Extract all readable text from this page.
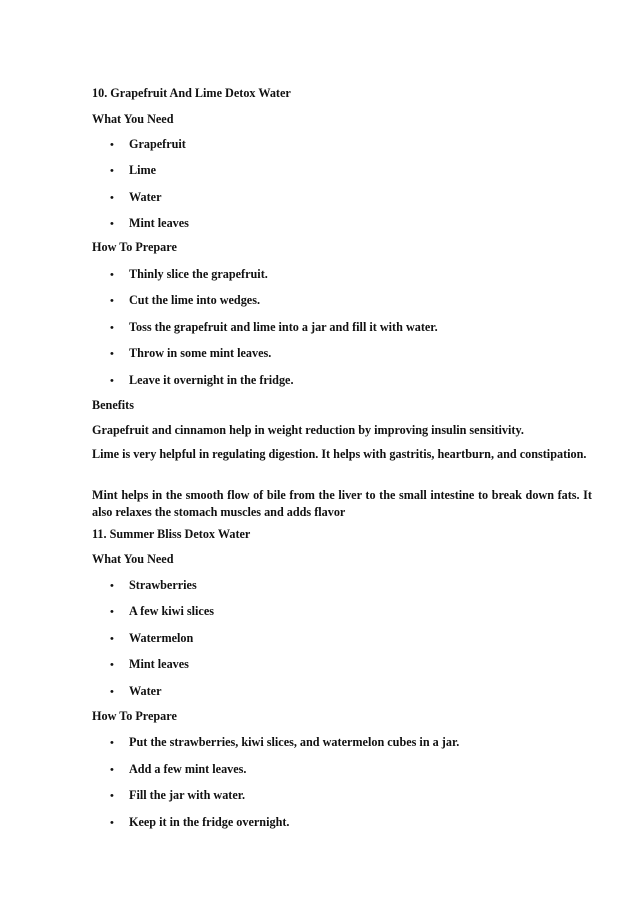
10. Grapefruit And Lime Detox Water
What You Need
• Grapefruit
• Lime
• Water
• Mint leaves
How To Prepare
• Thinly slice the grapefruit.
• Cut the lime into wedges.
• Toss the grapefruit and lime into a jar and fill it with water.
• Throw in some mint leaves.
• Leave it overnight in the fridge.
Benefits
Grapefruit and cinnamon help in weight reduction by improving insulin sensitivity.
Lime is very helpful in regulating digestion. It helps with gastritis, heartburn, and constipation.
Mint helps in the smooth flow of bile from the liver to the small intestine to break down fats. It also relaxes the stomach muscles and adds flavor
11. Summer Bliss Detox Water
What You Need
• Strawberries
• A few kiwi slices
• Watermelon
• Mint leaves
• Water
How To Prepare
• Put the strawberries, kiwi slices, and watermelon cubes in a jar.
• Add a few mint leaves.
• Fill the jar with water.
• Keep it in the fridge overnight.
